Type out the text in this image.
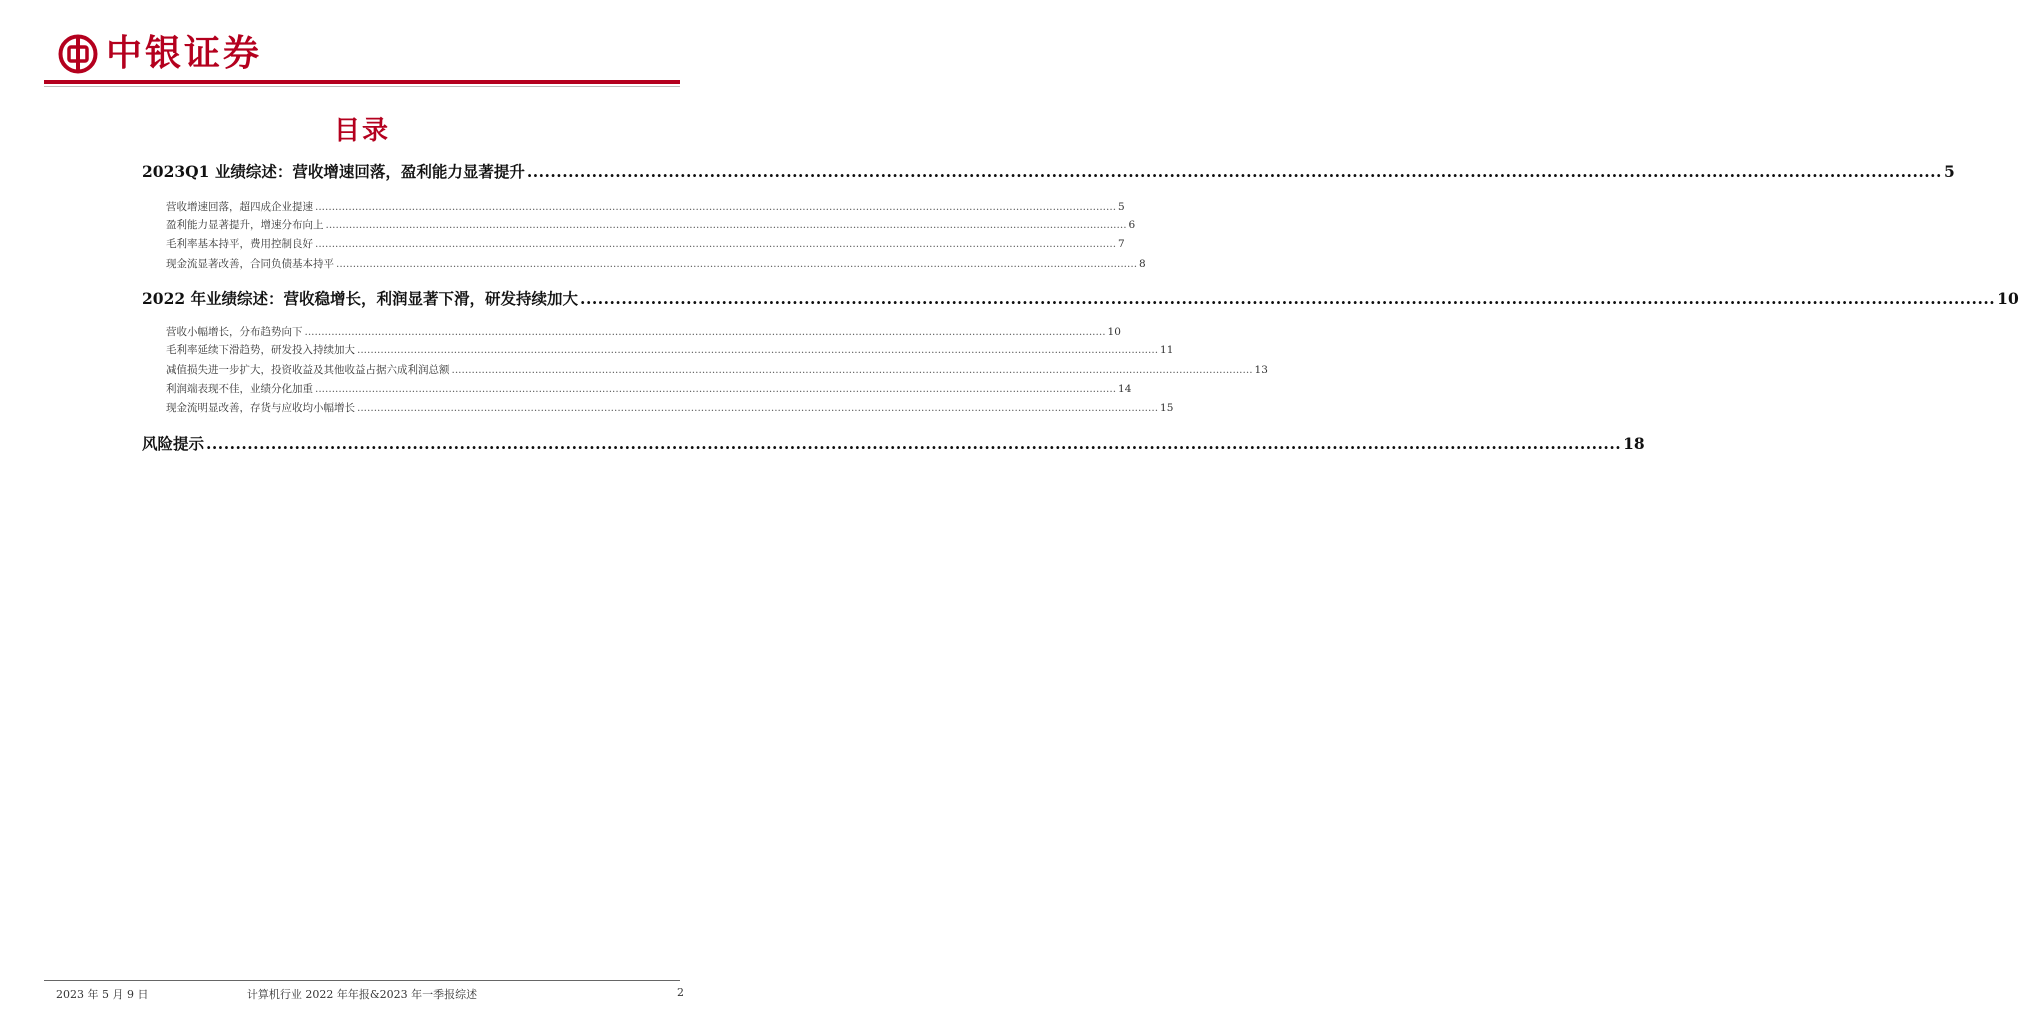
中银证券
目录
2023Q1 业绩综述：营收增速回落，盈利能力显著提升 .....	5
营收增速回落，超四成企业提速 .....	5
盈利能力显著提升，增速分布向上 .....	6
毛利率基本持平，费用控制良好 .....	7
现金流显著改善，合同负债基本持平 .....	8
2022 年业绩综述：营收稳增长，利润显著下滑，研发持续加大 .....	10
营收小幅增长，分布趋势向下 .....	10
毛利率延续下滑趋势，研发投入持续加大 .....	11
减值损失进一步扩大，投资收益及其他收益占据六成利润总额 .....	13
利润端表现不佳，业绩分化加重 .....	14
现金流明显改善，存货与应收均小幅增长 .....	15
风险提示 .....	18
2023 年 5 月 9 日	计算机行业 2022 年年报&2023 年一季报综述	2
